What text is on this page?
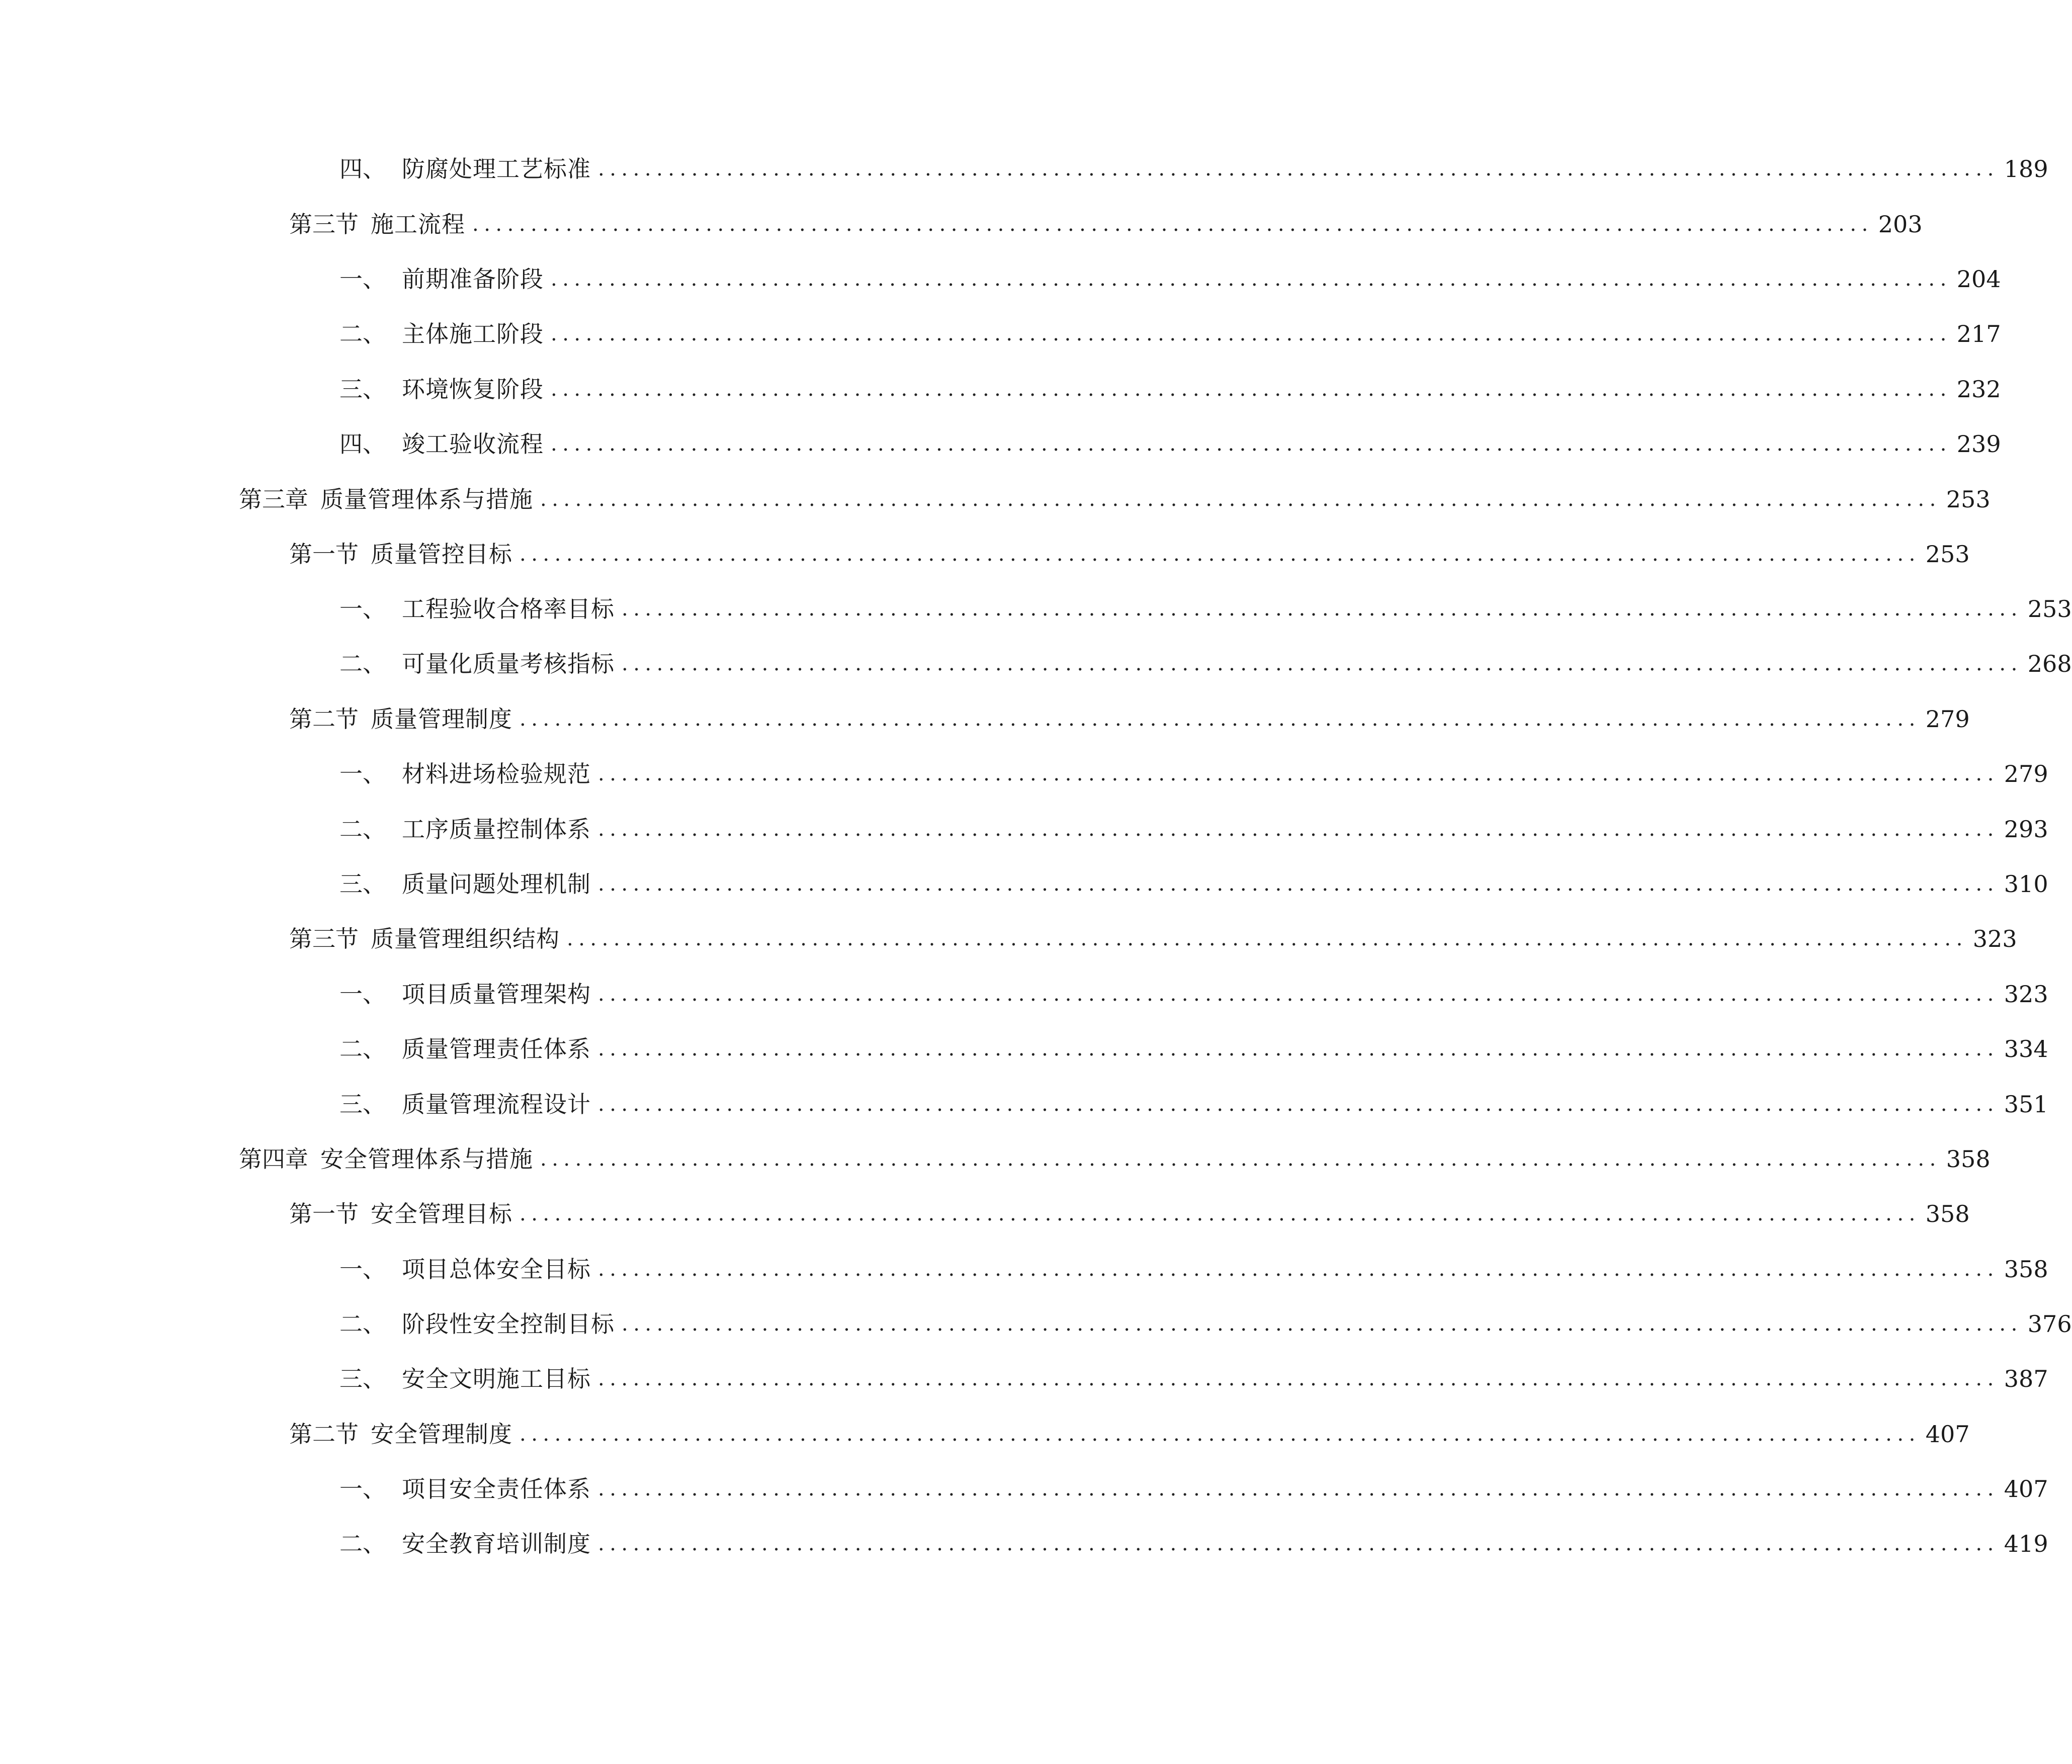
四、 防腐处理工艺标准 ........................................................................................................................ 189
第三节 施工流程 ........................................................................................................................ 203
一、 前期准备阶段 ........................................................................................................................ 204
二、 主体施工阶段 ........................................................................................................................ 217
三、 环境恢复阶段 ........................................................................................................................ 232
四、 竣工验收流程 ........................................................................................................................ 239
第三章 质量管理体系与措施 ........................................................................................................................ 253
第一节 质量管控目标 ........................................................................................................................ 253
一、 工程验收合格率目标 ........................................................................................................................ 253
二、 可量化质量考核指标 ........................................................................................................................ 268
第二节 质量管理制度 ........................................................................................................................ 279
一、 材料进场检验规范 ........................................................................................................................ 279
二、 工序质量控制体系 ........................................................................................................................ 293
三、 质量问题处理机制 ........................................................................................................................ 310
第三节 质量管理组织结构 ........................................................................................................................ 323
一、 项目质量管理架构 ........................................................................................................................ 323
二、 质量管理责任体系 ........................................................................................................................ 334
三、 质量管理流程设计 ........................................................................................................................ 351
第四章 安全管理体系与措施 ........................................................................................................................ 358
第一节 安全管理目标 ........................................................................................................................ 358
一、 项目总体安全目标 ........................................................................................................................ 358
二、 阶段性安全控制目标 ........................................................................................................................ 376
三、 安全文明施工目标 ........................................................................................................................ 387
第二节 安全管理制度 ........................................................................................................................ 407
一、 项目安全责任体系 ........................................................................................................................ 407
二、 安全教育培训制度 ........................................................................................................................ 419
